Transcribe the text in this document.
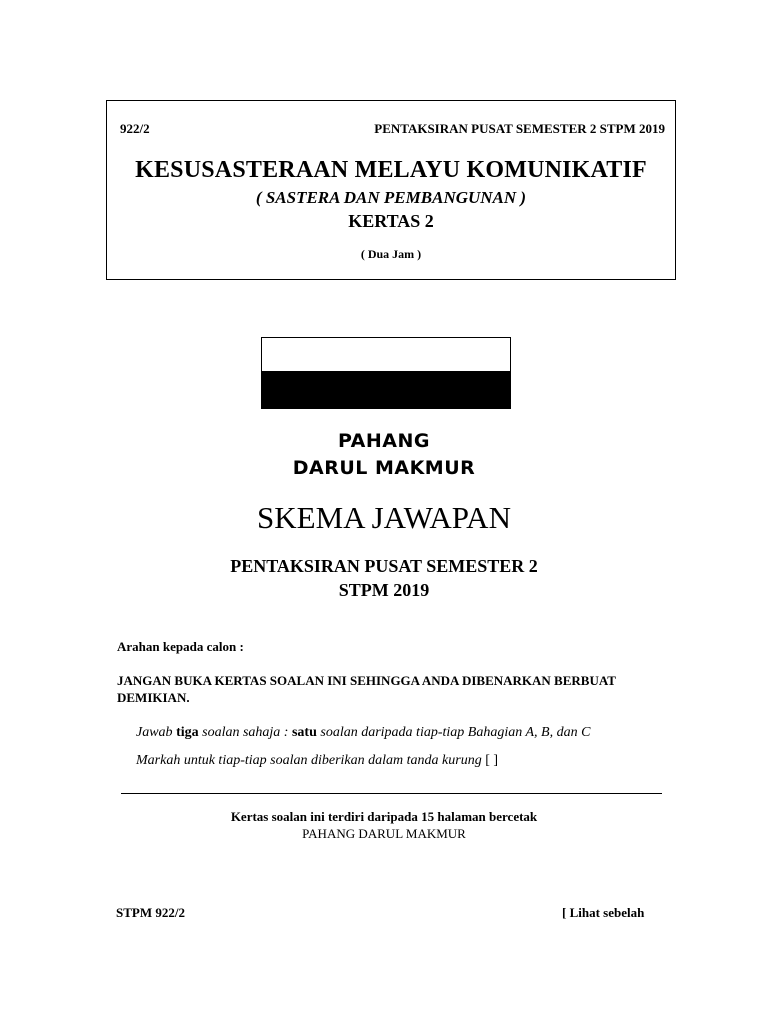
922/2	PENTAKSIRAN PUSAT SEMESTER 2 STPM 2019
KESUSASTERAAN MELAYU KOMUNIKATIF
( SASTERA DAN PEMBANGUNAN )
KERTAS 2
( Dua Jam )
PAHANG
DARUL MAKMUR
SKEMA JAWAPAN
PENTAKSIRAN PUSAT SEMESTER 2
STPM 2019
Arahan kepada calon :
JANGAN BUKA KERTAS SOALAN INI SEHINGGA ANDA DIBENARKAN BERBUAT DEMIKIAN.
Jawab tiga soalan sahaja : satu soalan daripada tiap-tiap Bahagian A, B, dan C
Markah untuk tiap-tiap soalan diberikan dalam tanda kurung [ ]
Kertas soalan ini terdiri daripada 15 halaman bercetak
PAHANG DARUL MAKMUR
STPM 922/2	[ Lihat sebelah
